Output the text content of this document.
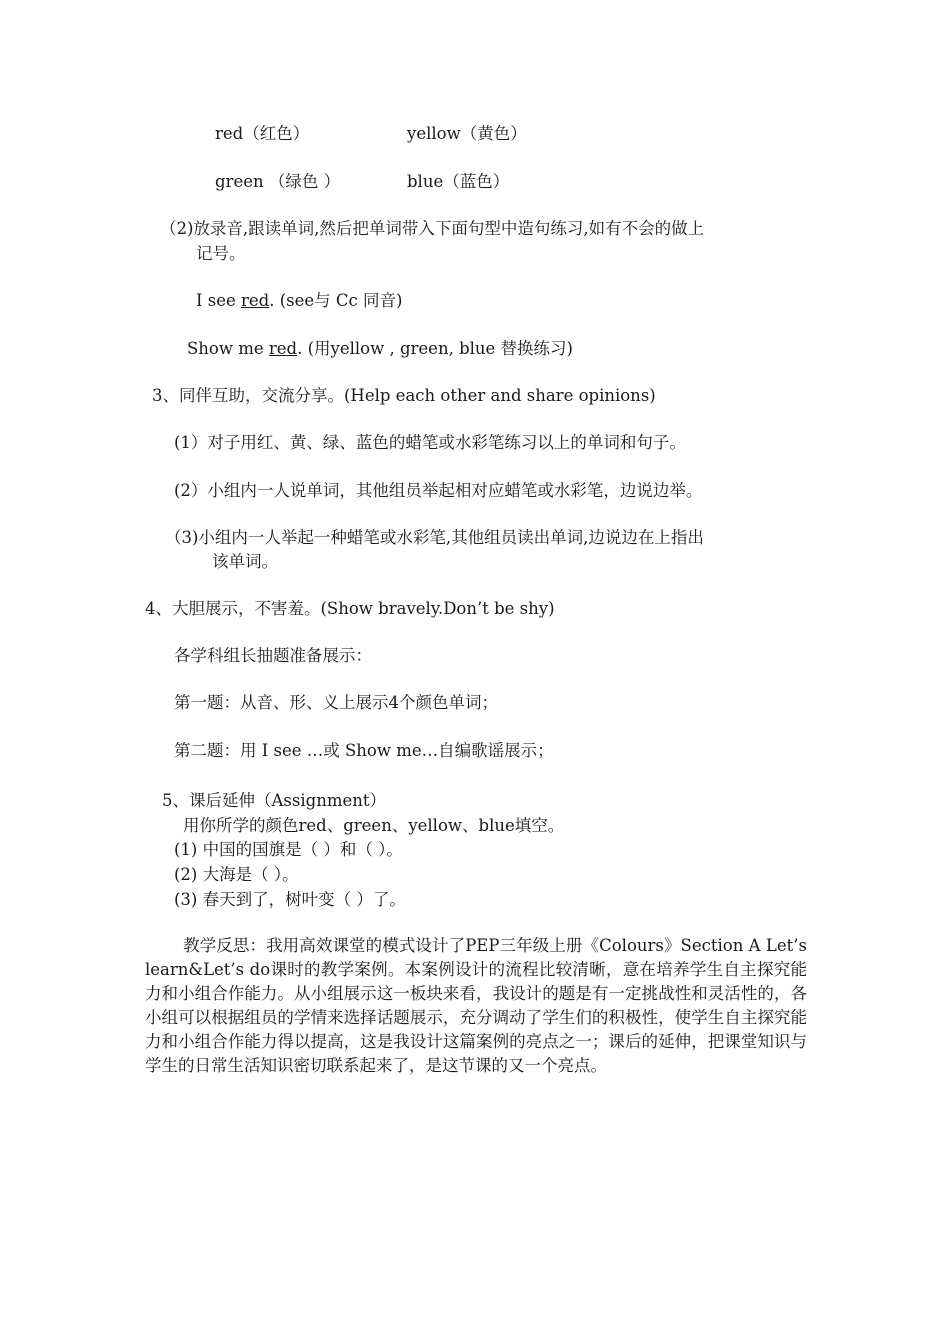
red（红色）	yellow（黄色）
green （绿色 ）	blue（蓝色）
（2)放录音,跟读单词,然后把单词带入下面句型中造句练习,如有不会的做上
记号。
I see red. (see与 Cc 同音)
Show me red. (用yellow , green, blue 替换练习)
3、同伴互助，交流分享。(Help each other and share opinions)
(1）对子用红、黄、绿、蓝色的蜡笔或水彩笔练习以上的单词和句子。
(2）小组内一人说单词，其他组员举起相对应蜡笔或水彩笔，边说边举。
（3)小组内一人举起一种蜡笔或水彩笔,其他组员读出单词,边说边在上指出
该单词。
4、大胆展示，不害羞。(Show bravely.Don’t be shy)
各学科组长抽题准备展示：
第一题：从音、形、义上展示4个颜色单词；
第二题：用 I see …或 Show me…自编歌谣展示；
5、课后延伸（Assignment）
用你所学的颜色red、green、yellow、blue填空。
(1) 中国的国旗是（ ）和（ ）。
(2) 大海是（ ）。
(3) 春天到了，树叶变（ ）了。
教学反思：我用高效课堂的模式设计了PEP三年级上册《Colours》Section A Let’s learn&Let’s do课时的教学案例。本案例设计的流程比较清晰，意在培养学生自主探究能力和小组合作能力。从小组展示这一板块来看，我设计的题是有一定挑战性和灵活性的，各小组可以根据组员的学情来选择话题展示，充分调动了学生们的积极性，使学生自主探究能力和小组合作能力得以提高，这是我设计这篇案例的亮点之一；课后的延伸，把课堂知识与学生的日常生活知识密切联系起来了，是这节课的又一个亮点。
